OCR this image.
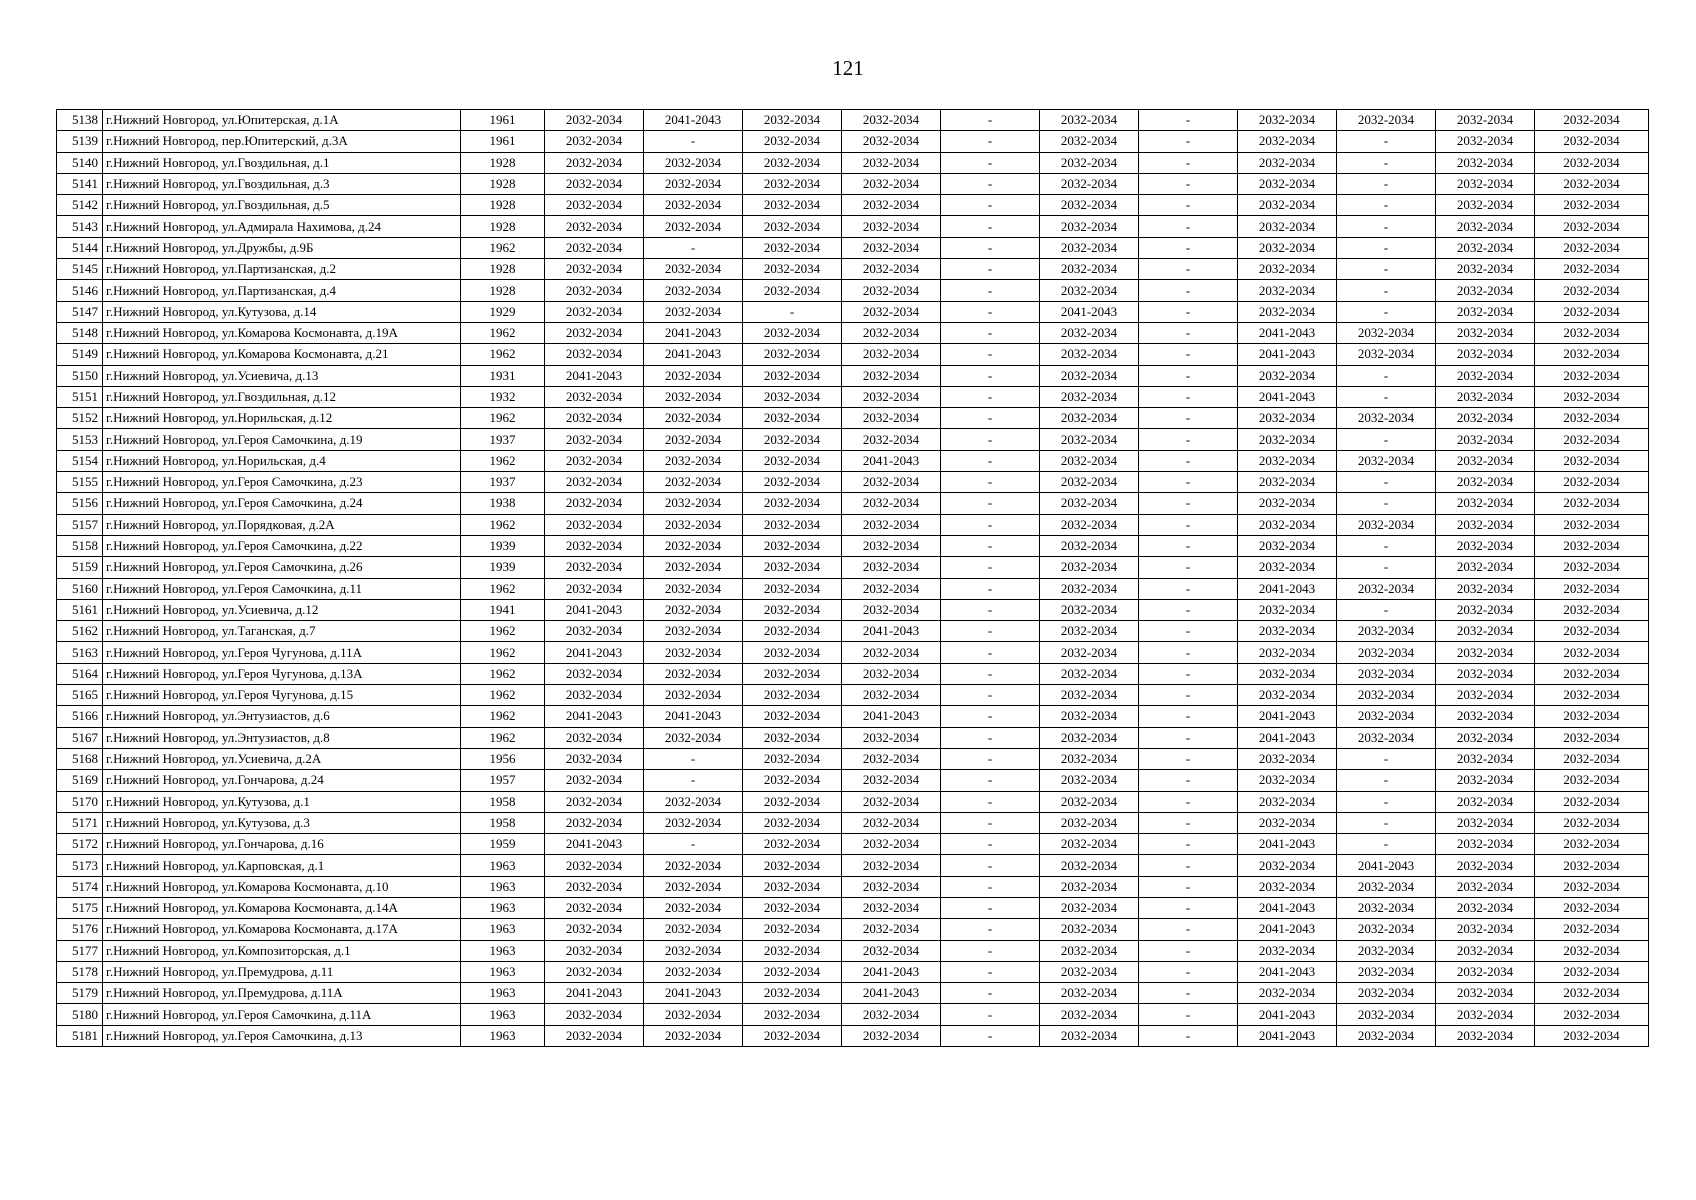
121
5138	г.Нижний Новгород, ул.Юпитерская, д.1А	1961	2032-2034	2041-2043	2032-2034	2032-2034	-	2032-2034	-	2032-2034	2032-2034	2032-2034	2032-2034
5139	г.Нижний Новгород, пер.Юпитерский, д.3А	1961	2032-2034	-	2032-2034	2032-2034	-	2032-2034	-	2032-2034	-	2032-2034	2032-2034
5140	г.Нижний Новгород, ул.Гвоздильная, д.1	1928	2032-2034	2032-2034	2032-2034	2032-2034	-	2032-2034	-	2032-2034	-	2032-2034	2032-2034
5141	г.Нижний Новгород, ул.Гвоздильная, д.3	1928	2032-2034	2032-2034	2032-2034	2032-2034	-	2032-2034	-	2032-2034	-	2032-2034	2032-2034
5142	г.Нижний Новгород, ул.Гвоздильная, д.5	1928	2032-2034	2032-2034	2032-2034	2032-2034	-	2032-2034	-	2032-2034	-	2032-2034	2032-2034
5143	г.Нижний Новгород, ул.Адмирала Нахимова, д.24	1928	2032-2034	2032-2034	2032-2034	2032-2034	-	2032-2034	-	2032-2034	-	2032-2034	2032-2034
5144	г.Нижний Новгород, ул.Дружбы, д.9Б	1962	2032-2034	-	2032-2034	2032-2034	-	2032-2034	-	2032-2034	-	2032-2034	2032-2034
5145	г.Нижний Новгород, ул.Партизанская, д.2	1928	2032-2034	2032-2034	2032-2034	2032-2034	-	2032-2034	-	2032-2034	-	2032-2034	2032-2034
5146	г.Нижний Новгород, ул.Партизанская, д.4	1928	2032-2034	2032-2034	2032-2034	2032-2034	-	2032-2034	-	2032-2034	-	2032-2034	2032-2034
5147	г.Нижний Новгород, ул.Кутузова, д.14	1929	2032-2034	2032-2034	-	2032-2034	-	2041-2043	-	2032-2034	-	2032-2034	2032-2034
5148	г.Нижний Новгород, ул.Комарова Космонавта, д.19А	1962	2032-2034	2041-2043	2032-2034	2032-2034	-	2032-2034	-	2041-2043	2032-2034	2032-2034	2032-2034
5149	г.Нижний Новгород, ул.Комарова Космонавта, д.21	1962	2032-2034	2041-2043	2032-2034	2032-2034	-	2032-2034	-	2041-2043	2032-2034	2032-2034	2032-2034
5150	г.Нижний Новгород, ул.Усиевича, д.13	1931	2041-2043	2032-2034	2032-2034	2032-2034	-	2032-2034	-	2032-2034	-	2032-2034	2032-2034
5151	г.Нижний Новгород, ул.Гвоздильная, д.12	1932	2032-2034	2032-2034	2032-2034	2032-2034	-	2032-2034	-	2041-2043	-	2032-2034	2032-2034
5152	г.Нижний Новгород, ул.Норильская, д.12	1962	2032-2034	2032-2034	2032-2034	2032-2034	-	2032-2034	-	2032-2034	2032-2034	2032-2034	2032-2034
5153	г.Нижний Новгород, ул.Героя Самочкина, д.19	1937	2032-2034	2032-2034	2032-2034	2032-2034	-	2032-2034	-	2032-2034	-	2032-2034	2032-2034
5154	г.Нижний Новгород, ул.Норильская, д.4	1962	2032-2034	2032-2034	2032-2034	2041-2043	-	2032-2034	-	2032-2034	2032-2034	2032-2034	2032-2034
5155	г.Нижний Новгород, ул.Героя Самочкина, д.23	1937	2032-2034	2032-2034	2032-2034	2032-2034	-	2032-2034	-	2032-2034	-	2032-2034	2032-2034
5156	г.Нижний Новгород, ул.Героя Самочкина, д.24	1938	2032-2034	2032-2034	2032-2034	2032-2034	-	2032-2034	-	2032-2034	-	2032-2034	2032-2034
5157	г.Нижний Новгород, ул.Порядковая, д.2А	1962	2032-2034	2032-2034	2032-2034	2032-2034	-	2032-2034	-	2032-2034	2032-2034	2032-2034	2032-2034
5158	г.Нижний Новгород, ул.Героя Самочкина, д.22	1939	2032-2034	2032-2034	2032-2034	2032-2034	-	2032-2034	-	2032-2034	-	2032-2034	2032-2034
5159	г.Нижний Новгород, ул.Героя Самочкина, д.26	1939	2032-2034	2032-2034	2032-2034	2032-2034	-	2032-2034	-	2032-2034	-	2032-2034	2032-2034
5160	г.Нижний Новгород, ул.Героя Самочкина, д.11	1962	2032-2034	2032-2034	2032-2034	2032-2034	-	2032-2034	-	2041-2043	2032-2034	2032-2034	2032-2034
5161	г.Нижний Новгород, ул.Усиевича, д.12	1941	2041-2043	2032-2034	2032-2034	2032-2034	-	2032-2034	-	2032-2034	-	2032-2034	2032-2034
5162	г.Нижний Новгород, ул.Таганская, д.7	1962	2032-2034	2032-2034	2032-2034	2041-2043	-	2032-2034	-	2032-2034	2032-2034	2032-2034	2032-2034
5163	г.Нижний Новгород, ул.Героя Чугунова, д.11А	1962	2041-2043	2032-2034	2032-2034	2032-2034	-	2032-2034	-	2032-2034	2032-2034	2032-2034	2032-2034
5164	г.Нижний Новгород, ул.Героя Чугунова, д.13А	1962	2032-2034	2032-2034	2032-2034	2032-2034	-	2032-2034	-	2032-2034	2032-2034	2032-2034	2032-2034
5165	г.Нижний Новгород, ул.Героя Чугунова, д.15	1962	2032-2034	2032-2034	2032-2034	2032-2034	-	2032-2034	-	2032-2034	2032-2034	2032-2034	2032-2034
5166	г.Нижний Новгород, ул.Энтузиастов, д.6	1962	2041-2043	2041-2043	2032-2034	2041-2043	-	2032-2034	-	2041-2043	2032-2034	2032-2034	2032-2034
5167	г.Нижний Новгород, ул.Энтузиастов, д.8	1962	2032-2034	2032-2034	2032-2034	2032-2034	-	2032-2034	-	2041-2043	2032-2034	2032-2034	2032-2034
5168	г.Нижний Новгород, ул.Усиевича, д.2А	1956	2032-2034	-	2032-2034	2032-2034	-	2032-2034	-	2032-2034	-	2032-2034	2032-2034
5169	г.Нижний Новгород, ул.Гончарова, д.24	1957	2032-2034	-	2032-2034	2032-2034	-	2032-2034	-	2032-2034	-	2032-2034	2032-2034
5170	г.Нижний Новгород, ул.Кутузова, д.1	1958	2032-2034	2032-2034	2032-2034	2032-2034	-	2032-2034	-	2032-2034	-	2032-2034	2032-2034
5171	г.Нижний Новгород, ул.Кутузова, д.3	1958	2032-2034	2032-2034	2032-2034	2032-2034	-	2032-2034	-	2032-2034	-	2032-2034	2032-2034
5172	г.Нижний Новгород, ул.Гончарова, д.16	1959	2041-2043	-	2032-2034	2032-2034	-	2032-2034	-	2041-2043	-	2032-2034	2032-2034
5173	г.Нижний Новгород, ул.Карповская, д.1	1963	2032-2034	2032-2034	2032-2034	2032-2034	-	2032-2034	-	2032-2034	2041-2043	2032-2034	2032-2034
5174	г.Нижний Новгород, ул.Комарова Космонавта, д.10	1963	2032-2034	2032-2034	2032-2034	2032-2034	-	2032-2034	-	2032-2034	2032-2034	2032-2034	2032-2034
5175	г.Нижний Новгород, ул.Комарова Космонавта, д.14А	1963	2032-2034	2032-2034	2032-2034	2032-2034	-	2032-2034	-	2041-2043	2032-2034	2032-2034	2032-2034
5176	г.Нижний Новгород, ул.Комарова Космонавта, д.17А	1963	2032-2034	2032-2034	2032-2034	2032-2034	-	2032-2034	-	2041-2043	2032-2034	2032-2034	2032-2034
5177	г.Нижний Новгород, ул.Композиторская, д.1	1963	2032-2034	2032-2034	2032-2034	2032-2034	-	2032-2034	-	2032-2034	2032-2034	2032-2034	2032-2034
5178	г.Нижний Новгород, ул.Премудрова, д.11	1963	2032-2034	2032-2034	2032-2034	2041-2043	-	2032-2034	-	2041-2043	2032-2034	2032-2034	2032-2034
5179	г.Нижний Новгород, ул.Премудрова, д.11А	1963	2041-2043	2041-2043	2032-2034	2041-2043	-	2032-2034	-	2032-2034	2032-2034	2032-2034	2032-2034
5180	г.Нижний Новгород, ул.Героя Самочкина, д.11А	1963	2032-2034	2032-2034	2032-2034	2032-2034	-	2032-2034	-	2041-2043	2032-2034	2032-2034	2032-2034
5181	г.Нижний Новгород, ул.Героя Самочкина, д.13	1963	2032-2034	2032-2034	2032-2034	2032-2034	-	2032-2034	-	2041-2043	2032-2034	2032-2034	2032-2034
